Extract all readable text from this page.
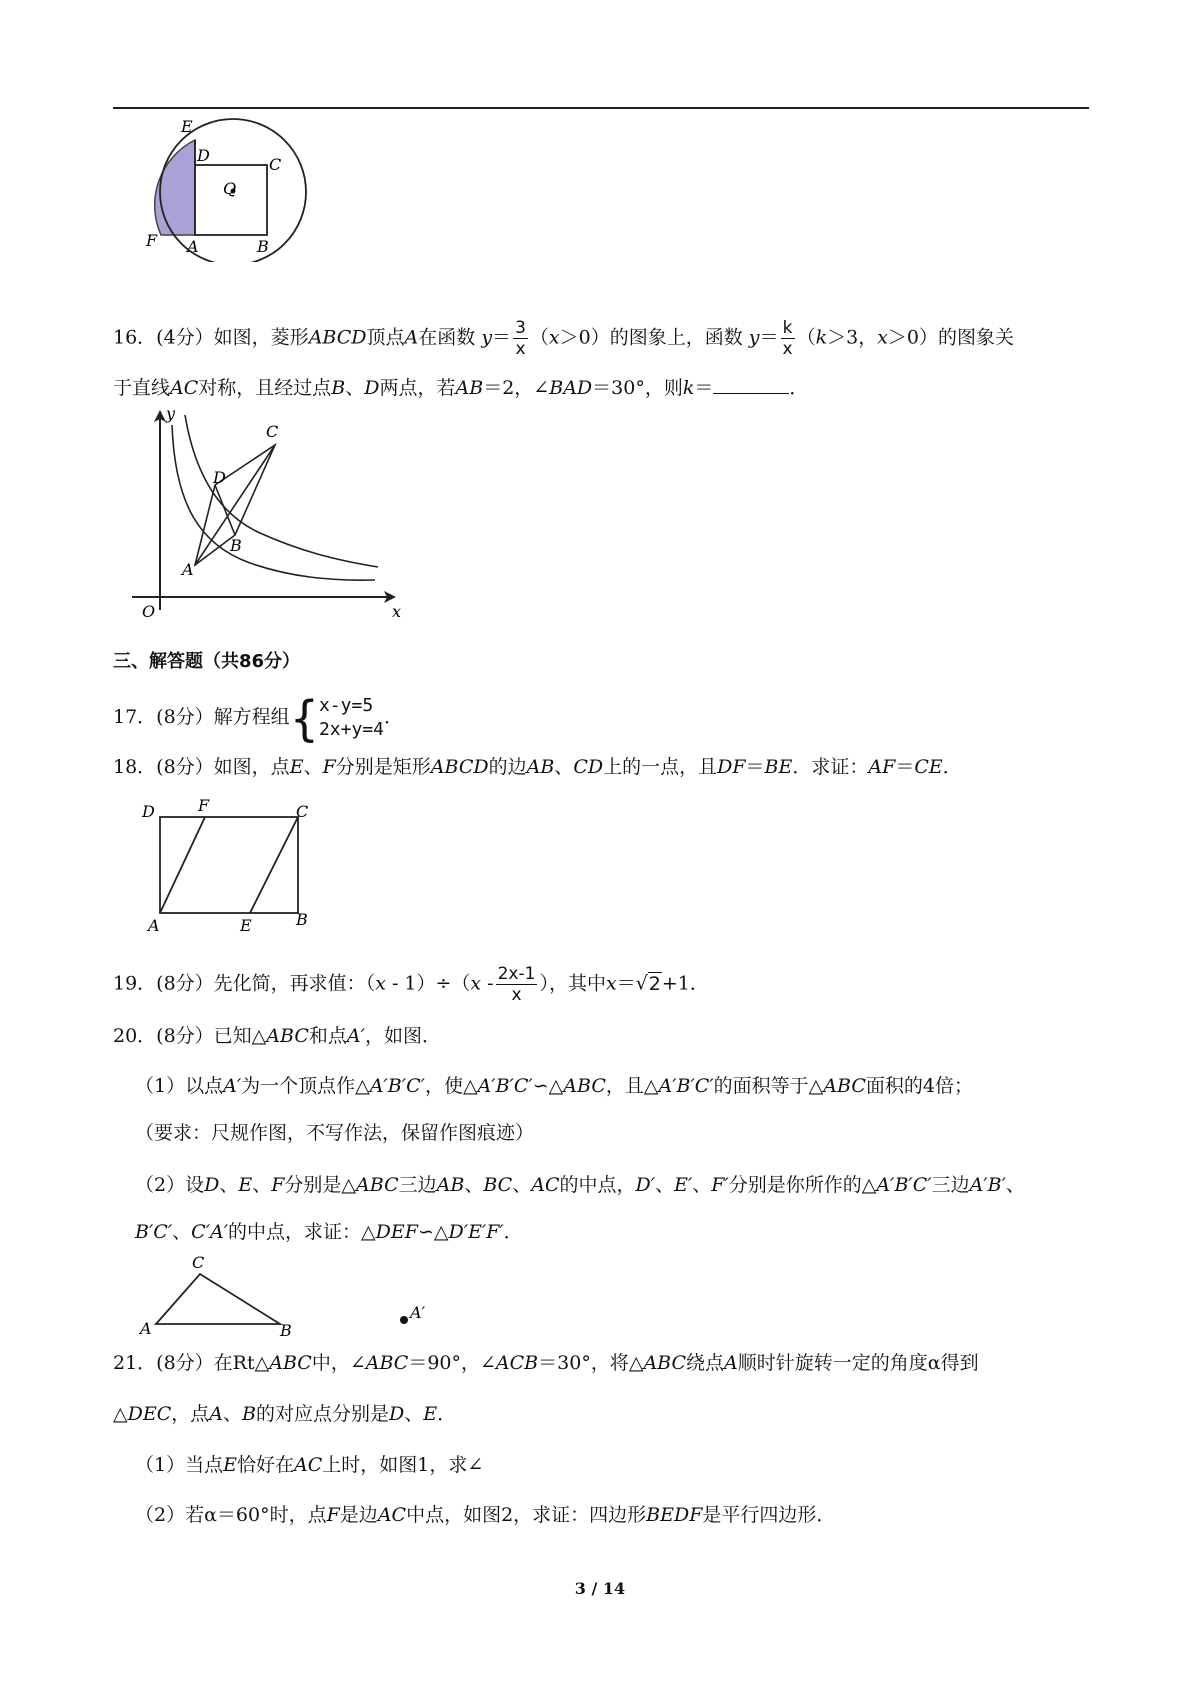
E
D	C
Q
F A	B
16．(4分）如图，菱形ABCD顶点A在函数 $y= \frac{3}{x} (x>0)$的图象上，函数 $y= \frac{k}{x} (k>3$，x＞0）的图象关
于直线AC对称，且经过点B、D两点，若AB＝2，∠BAD＝30°，则k＝	．
y
C
D
B
A
O	x
三、解答题（共86分）
17．(8分）解方程组{ x-y=5
2x+y=4
．
18．(8分）如图，点E、F分别是矩形ABCD的边AB、CD上的一点，且DF＝BE．求证：AF＝CE．
D	F	C
A	E	B
19．(8分）先化简，再求值：$(x - 1)\div(x - \frac{2x-1}{x}$ ），其中x＝√2+1．
20．(8分）已知△ABC和点A′，如图．
（1）以点A′为一个顶点作△A′B′C′，使△A′B′C′∽△ABC，且△A′B′C′的面积等于△ABC面积的4倍；
（要求：尺规作图，不写作法，保留作图痕迹）
（2）设D、E、F分别是△ABC三边AB、BC、AC的中点，D′、E′、F′分别是你所作的△A′B′C′三边A′B′、
B′C′、C′A′的中点，求证：△DEF∽△D′E′F′．
C
A	B
A′
21．(8分）在Rt△ABC中，∠ABC＝90°，∠ACB＝30°，将△ABC绕点A顺时针旋转一定的角度α得到
△DEC，点A、B的对应点分别是D、E．
（1）当点E恰好在AC上时，如图1，求∠
（2）若α＝60°时，点F是边AC中点，如图2，求证：四边形BEDF是平行四边形．
3 / 14
